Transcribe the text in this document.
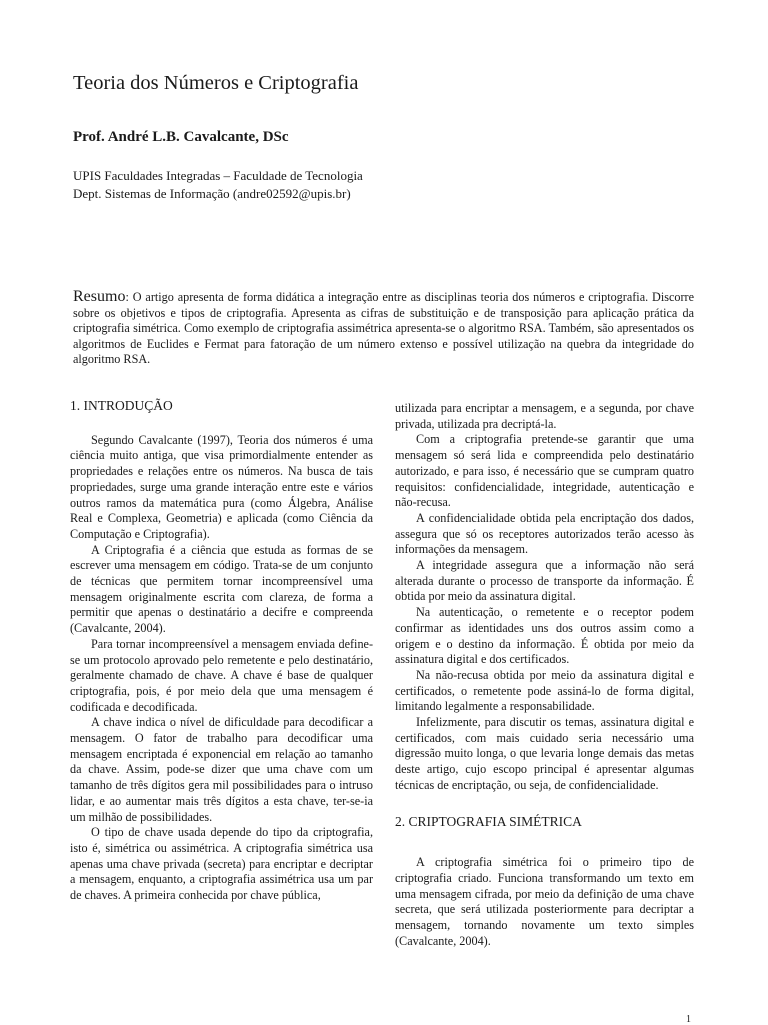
Teoria dos Números e Criptografia

Prof. André L.B. Cavalcante, DSc

UPIS Faculdades Integradas – Faculdade de Tecnologia
Dept. Sistemas de Informação (andre02592@upis.br)
Resumo: O artigo apresenta de forma didática a integração entre as disciplinas teoria dos números e criptografia. Discorre sobre os objetivos e tipos de criptografia. Apresenta as cifras de substituição e de transposição para aplicação prática da criptografia simétrica. Como exemplo de criptografia assimétrica apresenta-se o algoritmo RSA. Também, são apresentados os algoritmos de Euclides e Fermat para fatoração de um número extenso e possível utilização na quebra da integridade do algoritmo RSA.
1. INTRODUÇÃO

Segundo Cavalcante (1997), Teoria dos números é uma ciência muito antiga, que visa primordialmente entender as propriedades e relações entre os números. Na busca de tais propriedades, surge uma grande interação entre este e vários outros ramos da matemática pura (como Álgebra, Análise Real e Complexa, Geometria) e aplicada (como Ciência da Computação e Criptografia).

A Criptografia é a ciência que estuda as formas de se escrever uma mensagem em código. Trata-se de um conjunto de técnicas que permitem tornar incompreensível uma mensagem originalmente escrita com clareza, de forma a permitir que apenas o destinatário a decifre e compreenda (Cavalcante, 2004).

Para tornar incompreensível a mensagem enviada define-se um protocolo aprovado pelo remetente e pelo destinatário, geralmente chamado de chave. A chave é base de qualquer criptografia, pois, é por meio dela que uma mensagem é codificada e decodificada.

A chave indica o nível de dificuldade para decodificar a mensagem. O fator de trabalho para decodificar uma mensagem encriptada é exponencial em relação ao tamanho da chave. Assim, pode-se dizer que uma chave com um tamanho de três dígitos gera mil possibilidades para o intruso lidar, e ao aumentar mais três dígitos a esta chave, ter-se-ia um milhão de possibilidades.

O tipo de chave usada depende do tipo da criptografia, isto é, simétrica ou assimétrica. A criptografia simétrica usa apenas uma chave privada (secreta) para encriptar e decriptar a mensagem, enquanto, a criptografia assimétrica usa um par de chaves. A primeira conhecida por chave pública,

utilizada para encriptar a mensagem, e a segunda, por chave privada, utilizada pra decriptá-la.

Com a criptografia pretende-se garantir que uma mensagem só será lida e compreendida pelo destinatário autorizado, e para isso, é necessário que se cumpram quatro requisitos: confidencialidade, integridade, autenticação e não-recusa.

A confidencialidade obtida pela encriptação dos dados, assegura que só os receptores autorizados terão acesso às informações da mensagem.

A integridade assegura que a informação não será alterada durante o processo de transporte da informação. É obtida por meio da assinatura digital.

Na autenticação, o remetente e o receptor podem confirmar as identidades uns dos outros assim como a origem e o destino da informação. É obtida por meio da assinatura digital e dos certificados.

Na não-recusa obtida por meio da assinatura digital e certificados, o remetente pode assiná-lo de forma digital, limitando legalmente a responsabilidade.

Infelizmente, para discutir os temas, assinatura digital e certificados, com mais cuidado seria necessário uma digressão muito longa, o que levaria longe demais das metas deste artigo, cujo escopo principal é apresentar algumas técnicas de encriptação, ou seja, de confidencialidade.

2. CRIPTOGRAFIA SIMÉTRICA

A criptografia simétrica foi o primeiro tipo de criptografia criado. Funciona transformando um texto em uma mensagem cifrada, por meio da definição de uma chave secreta, que será utilizada posteriormente para decriptar a mensagem, tornando novamente um texto simples (Cavalcante, 2004).

1
